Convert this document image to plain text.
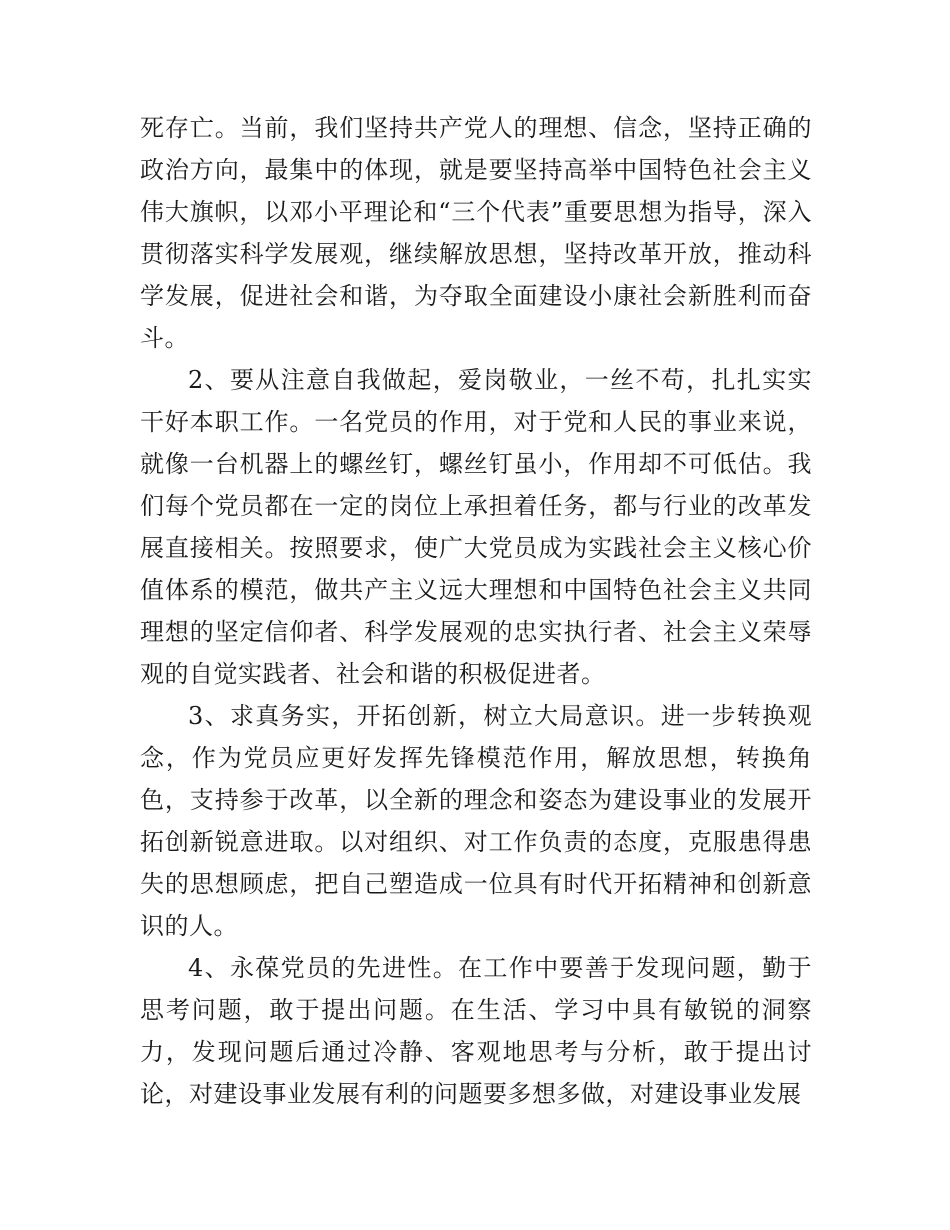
死存亡。当前，我们坚持共产党人的理想、信念，坚持正确的政治方向，最集中的体现，就是要坚持高举中国特色社会主义伟大旗帜，以邓小平理论和“三个代表”重要思想为指导，深入贯彻落实科学发展观，继续解放思想，坚持改革开放，推动科学发展，促进社会和谐，为夺取全面建设小康社会新胜利而奋斗。

2、要从注意自我做起，爱岗敬业，一丝不苟，扎扎实实干好本职工作。一名党员的作用，对于党和人民的事业来说，就像一台机器上的螺丝钉，螺丝钉虽小，作用却不可低估。我们每个党员都在一定的岗位上承担着任务，都与行业的改革发展直接相关。按照要求，使广大党员成为实践社会主义核心价值体系的模范，做共产主义远大理想和中国特色社会主义共同理想的坚定信仰者、科学发展观的忠实执行者、社会主义荣辱观的自觉实践者、社会和谐的积极促进者。

3、求真务实，开拓创新，树立大局意识。进一步转换观念，作为党员应更好发挥先锋模范作用，解放思想，转换角色，支持参于改革，以全新的理念和姿态为建设事业的发展开拓创新锐意进取。以对组织、对工作负责的态度，克服患得患失的思想顾虑，把自己塑造成一位具有时代开拓精神和创新意识的人。

4、永葆党员的先进性。在工作中要善于发现问题，勤于思考问题，敢于提出问题。在生活、学习中具有敏锐的洞察力，发现问题后通过冷静、客观地思考与分析，敢于提出讨论，对建设事业发展有利的问题要多想多做，对建设事业发展
